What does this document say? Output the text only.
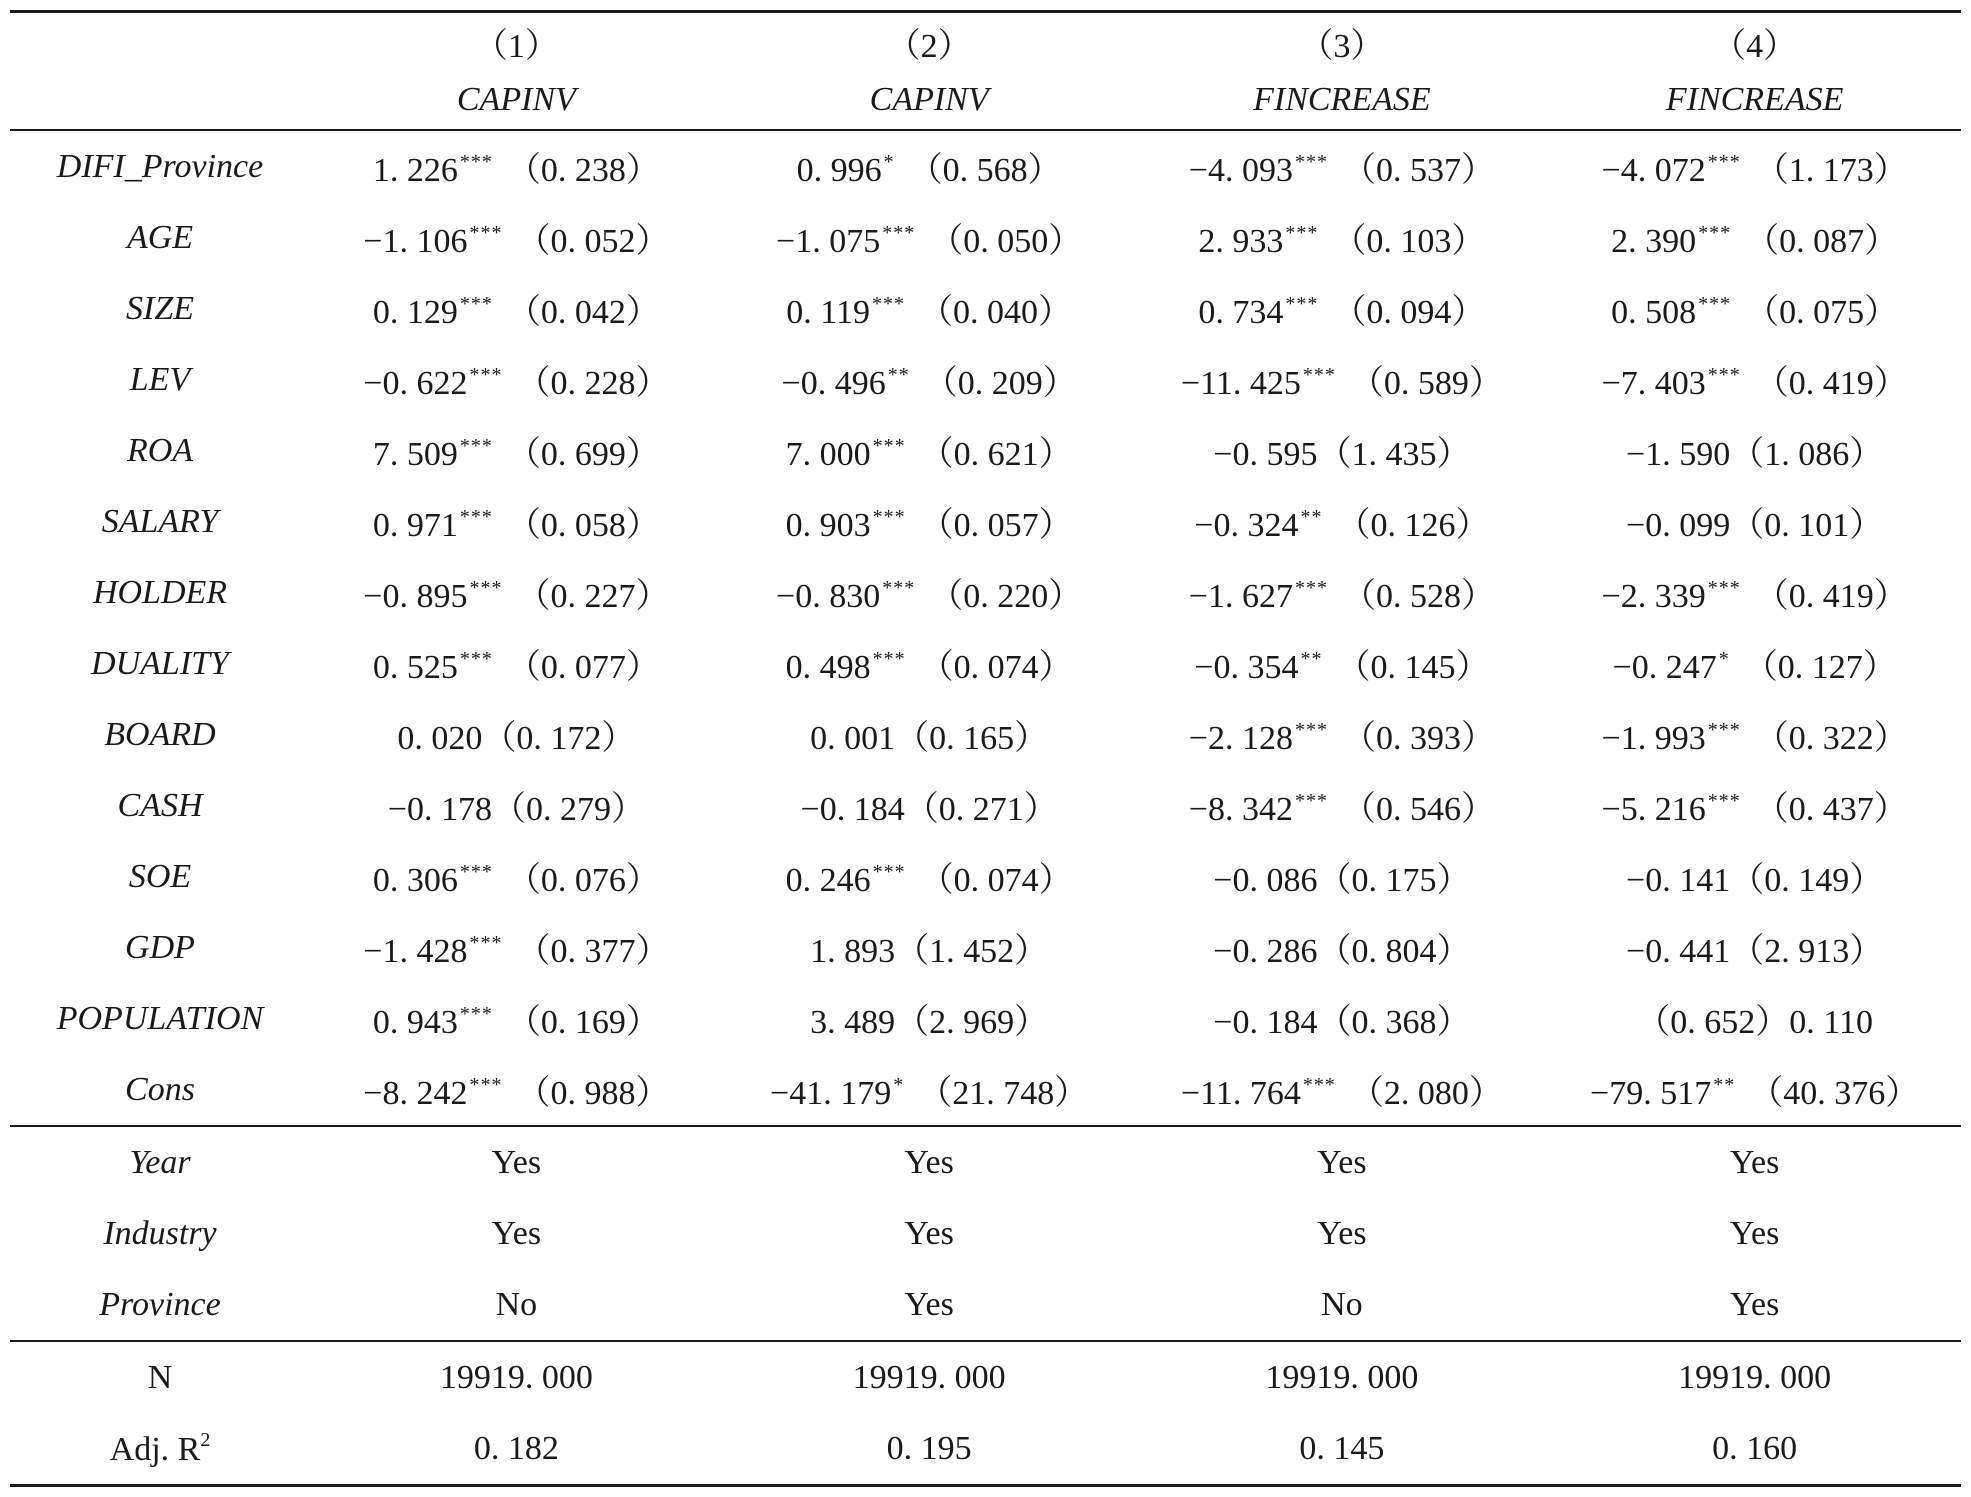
	（1）	（2）	（3）	（4）
	CAPINV	CAPINV	FINCREASE	FINCREASE
DIFI_Province	1. 226 *** （0. 238）	0. 996 * （0. 568）	−4. 093 *** （0. 537）	−4. 072 *** （1. 173）
AGE	−1. 106 *** （0. 052）	−1. 075 *** （0. 050）	2. 933 *** （0. 103）	2. 390 *** （0. 087）
SIZE	0. 129 *** （0. 042）	0. 119 *** （0. 040）	0. 734 *** （0. 094）	0. 508 *** （0. 075）
LEV	−0. 622 *** （0. 228）	−0. 496 ** （0. 209）	−11. 425 *** （0. 589）	−7. 403 *** （0. 419）
ROA	7. 509 *** （0. 699）	7. 000 *** （0. 621）	−0. 595（1. 435）	−1. 590（1. 086）
SALARY	0. 971 *** （0. 058）	0. 903 *** （0. 057）	−0. 324 ** （0. 126）	−0. 099（0. 101）
HOLDER	−0. 895 *** （0. 227）	−0. 830 *** （0. 220）	−1. 627 *** （0. 528）	−2. 339 *** （0. 419）
DUALITY	0. 525 *** （0. 077）	0. 498 *** （0. 074）	−0. 354 ** （0. 145）	−0. 247 * （0. 127）
BOARD	0. 020（0. 172）	0. 001（0. 165）	−2. 128 *** （0. 393）	−1. 993 *** （0. 322）
CASH	−0. 178（0. 279）	−0. 184（0. 271）	−8. 342 *** （0. 546）	−5. 216 *** （0. 437）
SOE	0. 306 *** （0. 076）	0. 246 *** （0. 074）	−0. 086（0. 175）	−0. 141（0. 149）
GDP	−1. 428 *** （0. 377）	1. 893（1. 452）	−0. 286（0. 804）	−0. 441（2. 913）
POPULATION	0. 943 *** （0. 169）	3. 489（2. 969）	−0. 184（0. 368）	（0. 652）0. 110
Cons	−8. 242 *** （0. 988）	−41. 179 * （21. 748）	−11. 764 *** （2. 080）	−79. 517 ** （40. 376）
Year	Yes	Yes	Yes	Yes
Industry	Yes	Yes	Yes	Yes
Province	No	Yes	No	Yes
N	19919. 000	19919. 000	19919. 000	19919. 000
Adj. $R^2$	0. 182	0. 195	0. 145	0. 160
